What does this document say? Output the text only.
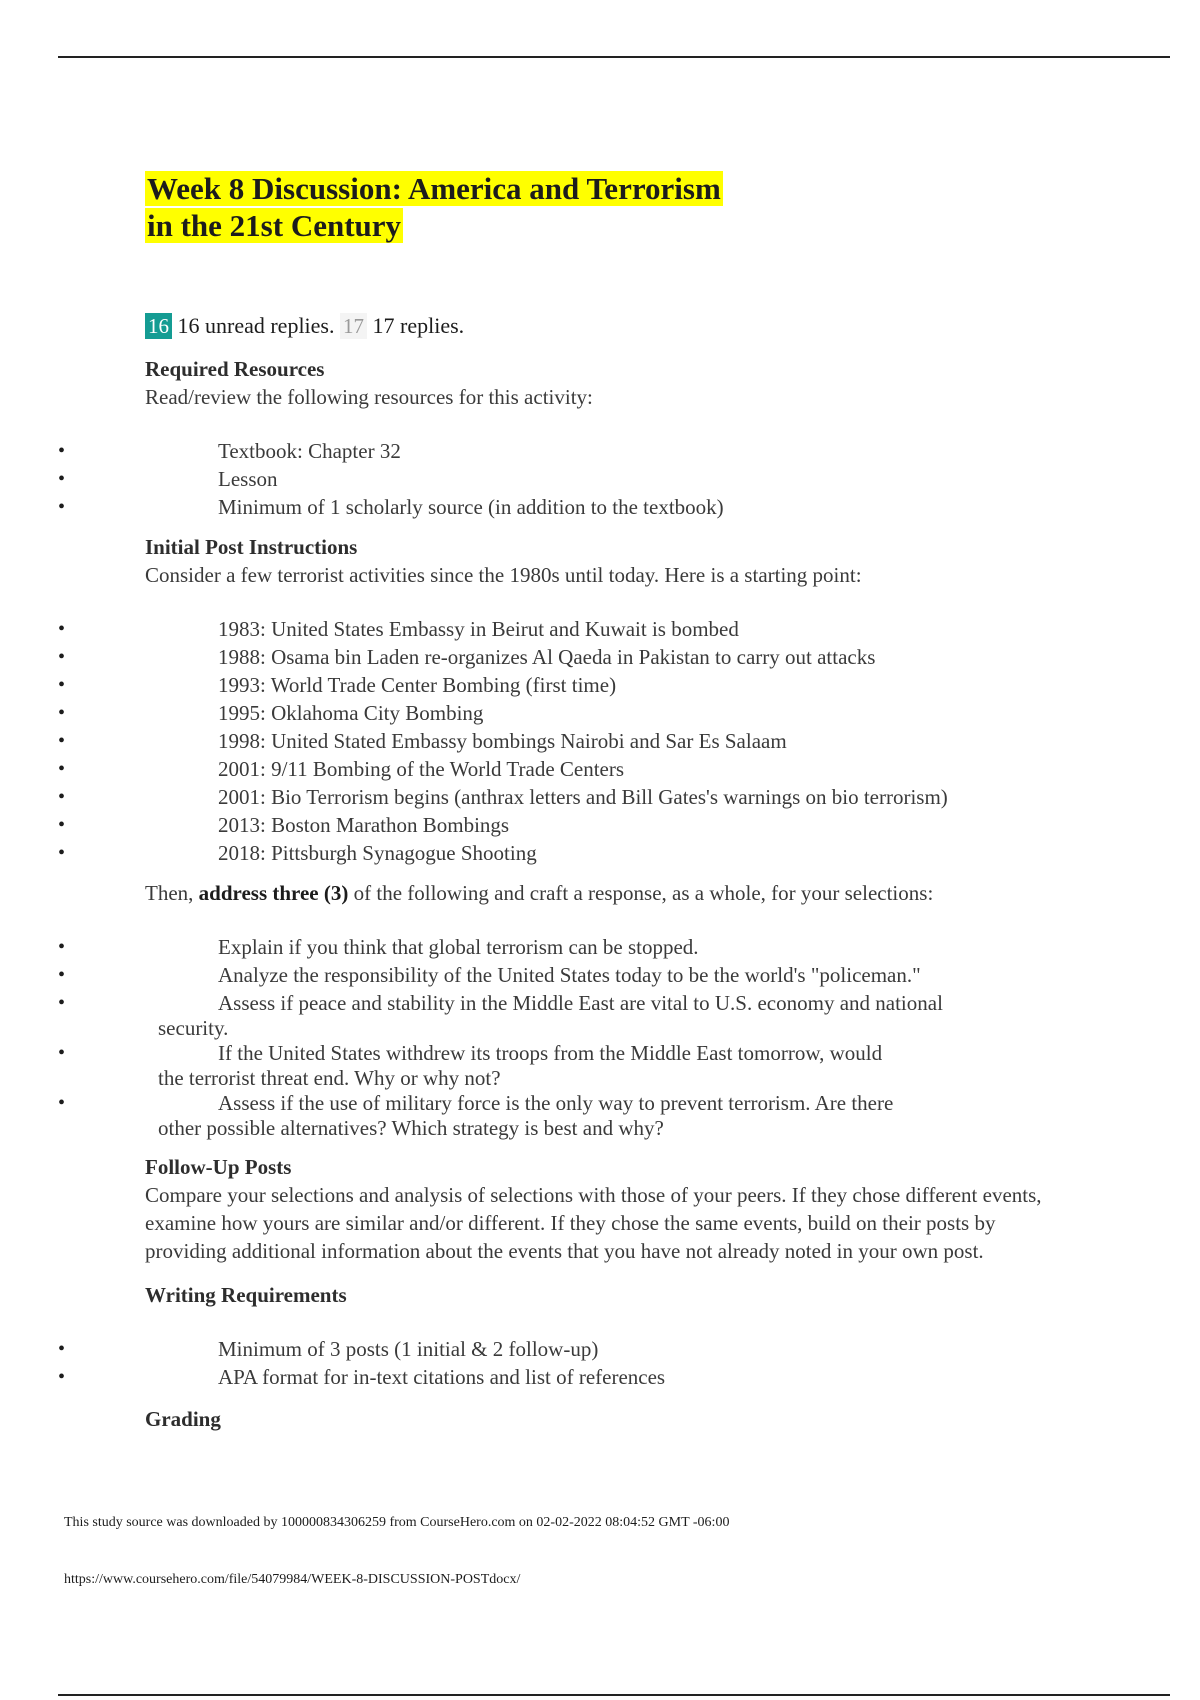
Week 8 Discussion: America and Terrorism
in the 21st Century
16 16 unread replies. 17 17 replies.
Required Resources

Read/review the following resources for this activity:

• Textbook: Chapter 32
• Lesson
• Minimum of 1 scholarly source (in addition to the textbook)
Initial Post Instructions

Consider a few terrorist activities since the 1980s until today. Here is a starting point:

• 1983: United States Embassy in Beirut and Kuwait is bombed
• 1988: Osama bin Laden re-organizes Al Qaeda in Pakistan to carry out attacks
• 1993: World Trade Center Bombing (first time)
• 1995: Oklahoma City Bombing
• 1998: United Stated Embassy bombings Nairobi and Sar Es Salaam
• 2001: 9/11 Bombing of the World Trade Centers
• 2001: Bio Terrorism begins (anthrax letters and Bill Gates's warnings on bio terrorism)
• 2013: Boston Marathon Bombings
• 2018: Pittsburgh Synagogue Shooting

Then, address three (3) of the following and craft a response, as a whole, for your selections:

• Explain if you think that global terrorism can be stopped.
• Analyze the responsibility of the United States today to be the world's "policeman."
• Assess if peace and stability in the Middle East are vital to U.S. economy and national
security.
• If the United States withdrew its troops from the Middle East tomorrow, would
the terrorist threat end. Why or why not?
• Assess if the use of military force is the only way to prevent terrorism. Are there
other possible alternatives? Which strategy is best and why?
Follow-Up Posts

Compare your selections and analysis of selections with those of your peers. If they chose different events, examine how yours are similar and/or different. If they chose the same events, build on their posts by providing additional information about the events that you have not already noted in your own post.

Writing Requirements
• Minimum of 3 posts (1 initial & 2 follow-up)
• APA format for in-text citations and list of references
Grading
This study source was downloaded by 100000834306259 from CourseHero.com on 02-02-2022 08:04:52 GMT -06:00
https://www.coursehero.com/file/54079984/WEEK-8-DISCUSSION-POSTdocx/
